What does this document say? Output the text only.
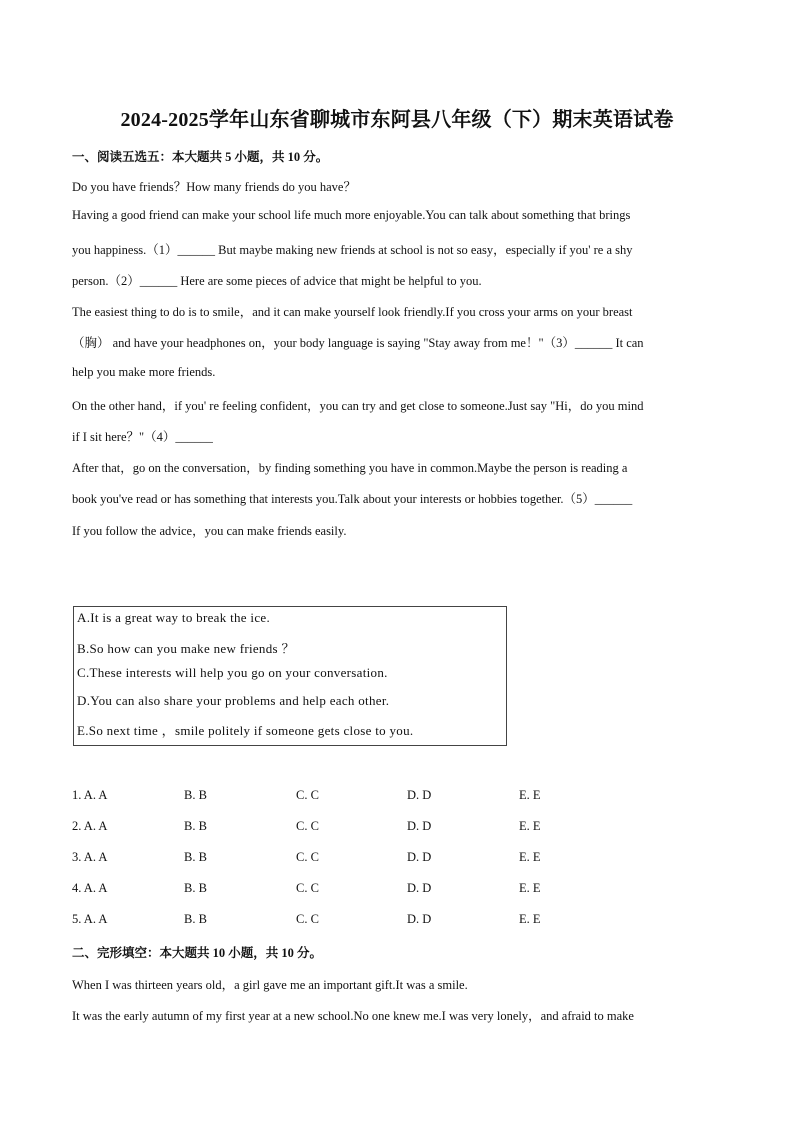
2024-2025学年山东省聊城市东阿县八年级（下）期末英语试卷
一、阅读五选五：本大题共 5 小题，共 10 分。
Do you have friends？How many friends do you have？
Having a good friend can make your school life much more enjoyable.You can talk about something that brings
you happiness.（1）______ But maybe making new friends at school is not so easy，especially if you' re a shy
person.（2）______ Here are some pieces of advice that might be helpful to you.
The easiest thing to do is to smile，and it can make yourself look friendly.If you cross your arms on your breast
（胸） and have your headphones on，your body language is saying "Stay away from me！"（3）______ It can
help you make more friends.
On the other hand，if you' re feeling confident，you can try and get close to someone.Just say "Hi，do you mind
if I sit here？"（4）______
After that，go on the conversation，by finding something you have in common.Maybe the person is reading a
book you've read or has something that interests you.Talk about your interests or hobbies together.（5）______
If you follow the advice，you can make friends easily.
A.It is a great way to break the ice.
B.So how can you make new friends ？
C.These interests will help you go on your conversation.
D.You can also share your problems and help each other.
E.So next time ，smile politely if someone gets close to you.
1. A. A	B. B	C. C	D. D	E. E
2. A. A	B. B	C. C	D. D	E. E
3. A. A	B. B	C. C	D. D	E. E
4. A. A	B. B	C. C	D. D	E. E
5. A. A	B. B	C. C	D. D	E. E
二、完形填空：本大题共 10 小题，共 10 分。
When I was thirteen years old，a girl gave me an important gift.It was a smile.
It was the early autumn of my first year at a new school.No one knew me.I was very lonely，and afraid to make
